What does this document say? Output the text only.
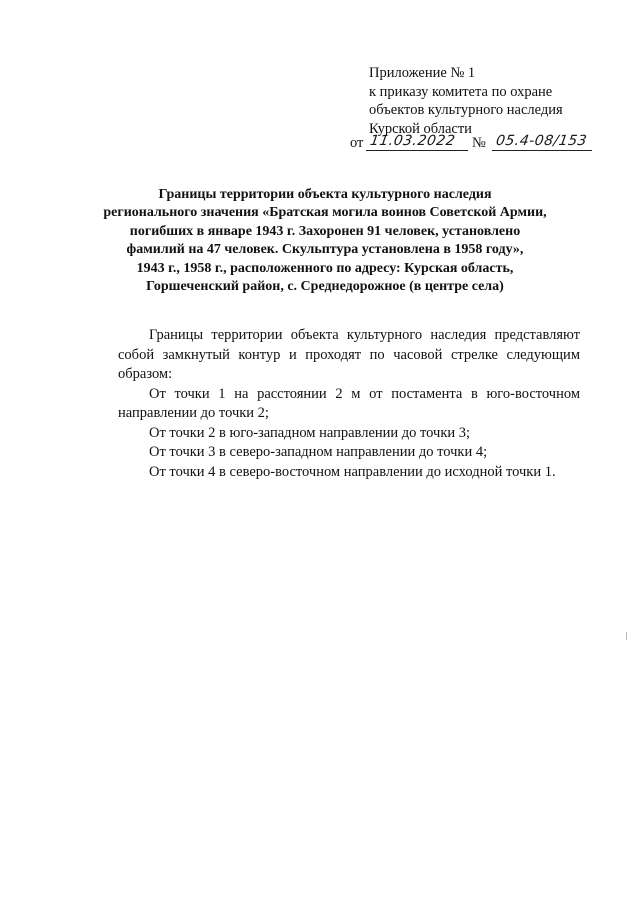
Приложение № 1
к приказу комитета по охране
объектов культурного наследия
Курской области
от 11.03.2022 № 05.4-08/153
Границы территории объекта культурного наследия
регионального значения «Братская могила воинов Советской Армии,
погибших в январе 1943 г. Захоронен 91 человек, установлено
фамилий на 47 человек. Скульптура установлена в 1958 году»,
1943 г., 1958 г., расположенного по адресу: Курская область,
Горшеченский район, с. Среднедорожное (в центре села)

Границы территории объекта культурного наследия представляют собой замкнутый контур и проходят по часовой стрелке следующим образом:

От точки 1 на расстоянии 2 м от постамента в юго-восточном направлении до точки 2;

От точки 2 в юго-западном направлении до точки 3;

От точки 3 в северо-западном направлении до точки 4;

От точки 4 в северо-восточном направлении до исходной точки 1.
